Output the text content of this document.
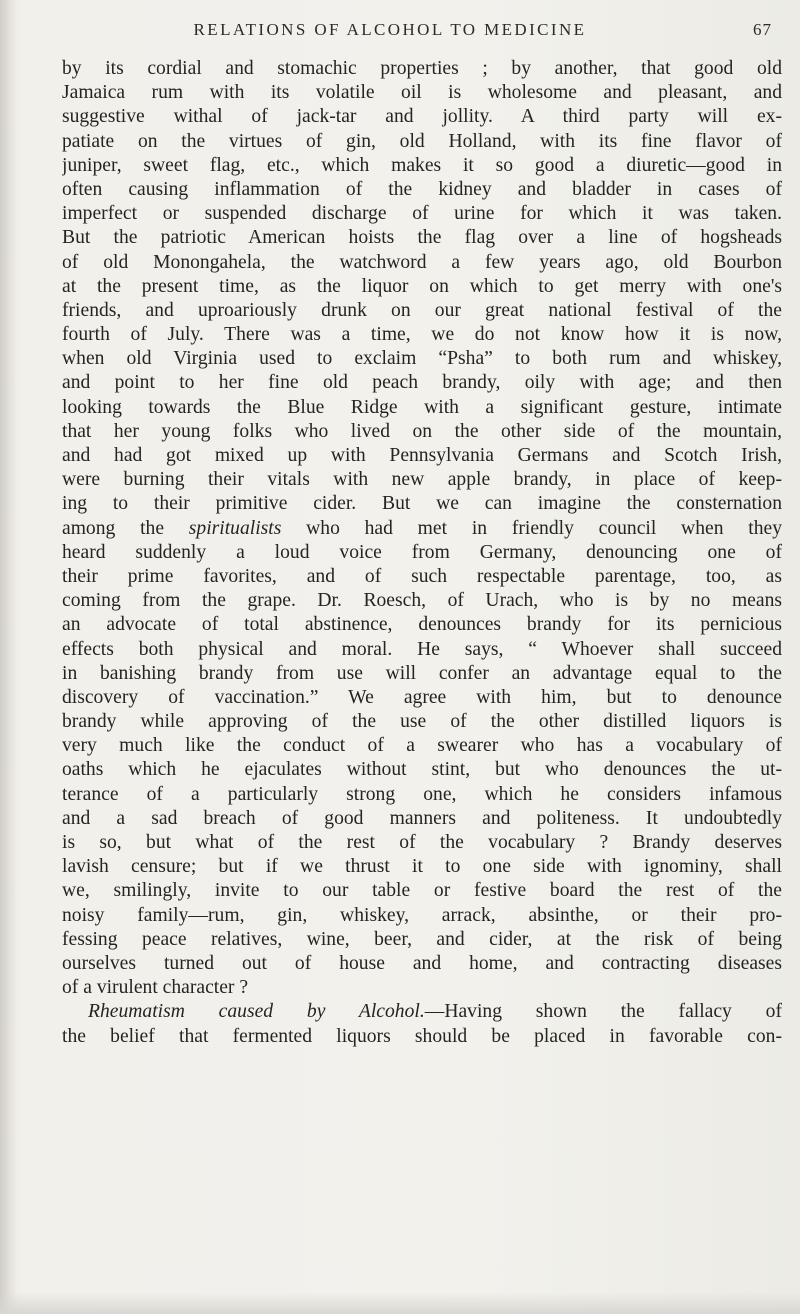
RELATIONS OF ALCOHOL TO MEDICINE	67
by its cordial and stomachic properties ; by another, that good old
Jamaica rum with its volatile oil is wholesome and pleasant, and
suggestive withal of jack-tar and jollity. A third party will ex-
patiate on the virtues of gin, old Holland, with its fine flavor of
juniper, sweet flag, etc., which makes it so good a diuretic—good in
often causing inflammation of the kidney and bladder in cases of
imperfect or suspended discharge of urine for which it was taken.
But the patriotic American hoists the flag over a line of hogsheads
of old Monongahela, the watchword a few years ago, old Bourbon
at the present time, as the liquor on which to get merry with one's
friends, and uproariously drunk on our great national festival of the
fourth of July. There was a time, we do not know how it is now,
when old Virginia used to exclaim “Psha” to both rum and whiskey,
and point to her fine old peach brandy, oily with age; and then
looking towards the Blue Ridge with a significant gesture, intimate
that her young folks who lived on the other side of the mountain,
and had got mixed up with Pennsylvania Germans and Scotch Irish,
were burning their vitals with new apple brandy, in place of keep-
ing to their primitive cider. But we can imagine the consternation
among the spiritualists who had met in friendly council when they
heard suddenly a loud voice from Germany, denouncing one of
their prime favorites, and of such respectable parentage, too, as
coming from the grape. Dr. Roesch, of Urach, who is by no means
an advocate of total abstinence, denounces brandy for its pernicious
effects both physical and moral. He says, “ Whoever shall succeed
in banishing brandy from use will confer an advantage equal to the
discovery of vaccination.” We agree with him, but to denounce
brandy while approving of the use of the other distilled liquors is
very much like the conduct of a swearer who has a vocabulary of
oaths which he ejaculates without stint, but who denounces the ut-
terance of a particularly strong one, which he considers infamous
and a sad breach of good manners and politeness. It undoubtedly
is so, but what of the rest of the vocabulary ? Brandy deserves
lavish censure; but if we thrust it to one side with ignominy, shall
we, smilingly, invite to our table or festive board the rest of the
noisy family—rum, gin, whiskey, arrack, absinthe, or their pro-
fessing peace relatives, wine, beer, and cider, at the risk of being
ourselves turned out of house and home, and contracting diseases
of a virulent character ?
Rheumatism caused by Alcohol.—Having shown the fallacy of
the belief that fermented liquors should be placed in favorable con-
